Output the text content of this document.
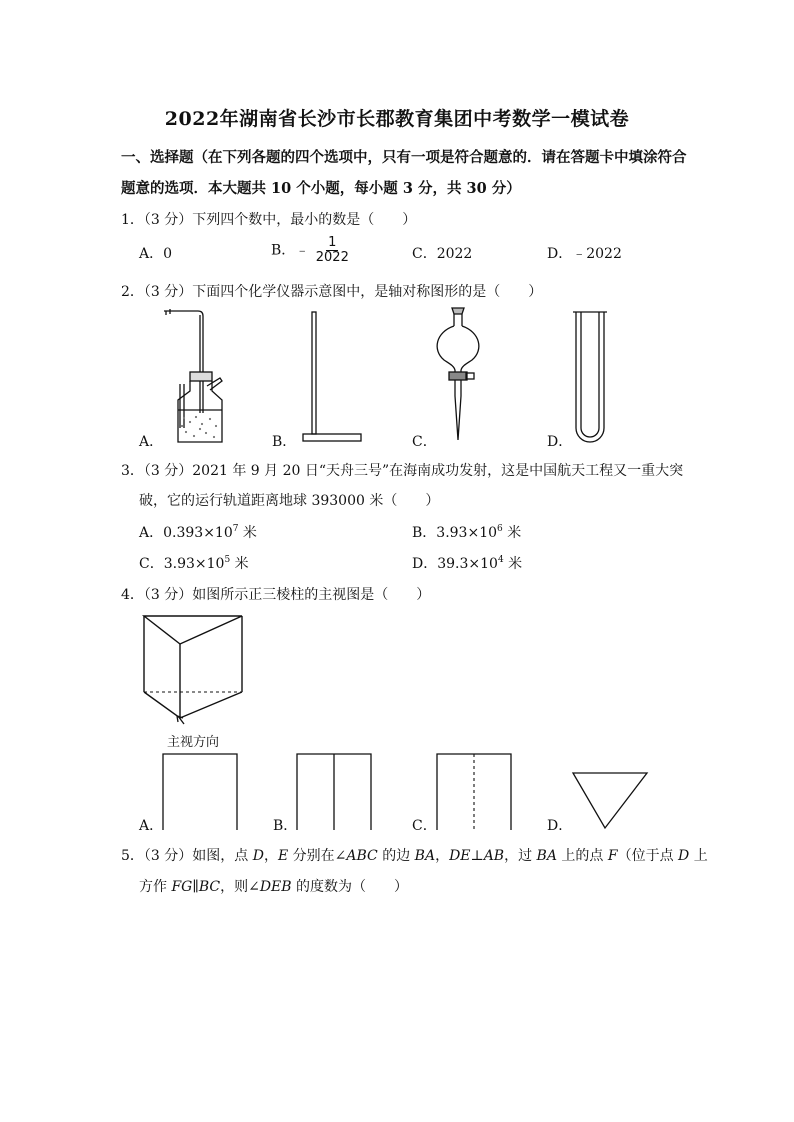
2022年湖南省长沙市长郡教育集团中考数学一模试卷
一、选择题（在下列各题的四个选项中，只有一项是符合题意的．请在答题卡中填涂符合
题意的选项．本大题共 10 个小题，每小题 3 分，共 30 分）
1．（3 分）下列四个数中，最小的数是（　　）
A．0	B．﹣ $\frac{1}{2022}$	C．2022	D．﹣2022
2．（3 分）下面四个化学仪器示意图中，是轴对称图形的是（　　）
A．	B．	C．	D．
3．（3 分）2021 年 9 月 20 日“天舟三号”在海南成功发射，这是中国航天工程又一重大突
破，它的运行轨道距离地球 393000 米（　　）
A．$0.393\times 10^7$ 米	B．$3.93\times 10^6$ 米
C．$3.93\times 10^5$ 米	D．$39.3\times 10^4$ 米
4．（3 分）如图所示正三棱柱的主视图是（　　）
主视方向
A．	B．	C．	D．
5．（3 分）如图，点 D，E 分别在∠ABC 的边 BA，DE⊥AB，过 BA 上的点 F（位于点 D 上
方作 FG∥BC，则∠DEB 的度数为（　　）
